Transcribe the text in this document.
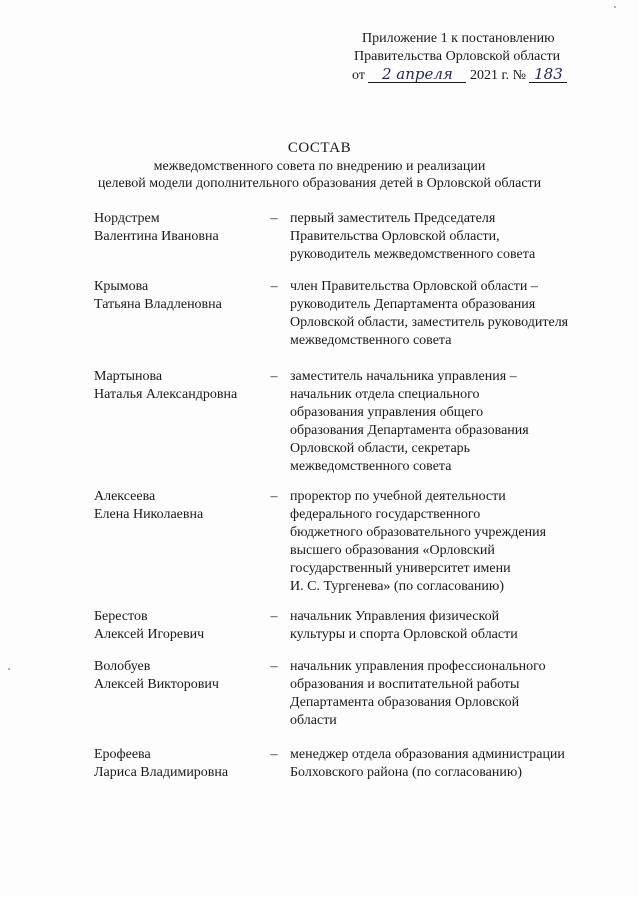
Приложение 1 к постановлению
Правительства Орловской области
от 2 апреля 2021 г. № 183
СОСТАВ
межведомственного совета по внедрению и реализации
целевой модели дополнительного образования детей в Орловской области
Нордстрем
Валентина Ивановна
– первый заместитель Председателя
Правительства Орловской области,
руководитель межведомственного совета
Крымова
Татьяна Владленовна
– член Правительства Орловской области –
руководитель Департамента образования
Орловской области, заместитель руководителя
межведомственного совета
Мартынова
Наталья Александровна
– заместитель начальника управления –
начальник отдела специального
образования управления общего
образования Департамента образования
Орловской области, секретарь
межведомственного совета
Алексеева
Елена Николаевна
– проректор по учебной деятельности
федерального государственного
бюджетного образовательного учреждения
высшего образования «Орловский
государственный университет имени
И. С. Тургенева» (по согласованию)
Берестов
Алексей Игоревич
– начальник Управления физической
культуры и спорта Орловской области
Волобуев
Алексей Викторович
– начальник управления профессионального
образования и воспитательной работы
Департамента образования Орловской
области
Ерофеева
Лариса Владимировна
– менеджер отдела образования администрации
Болховского района (по согласованию)
